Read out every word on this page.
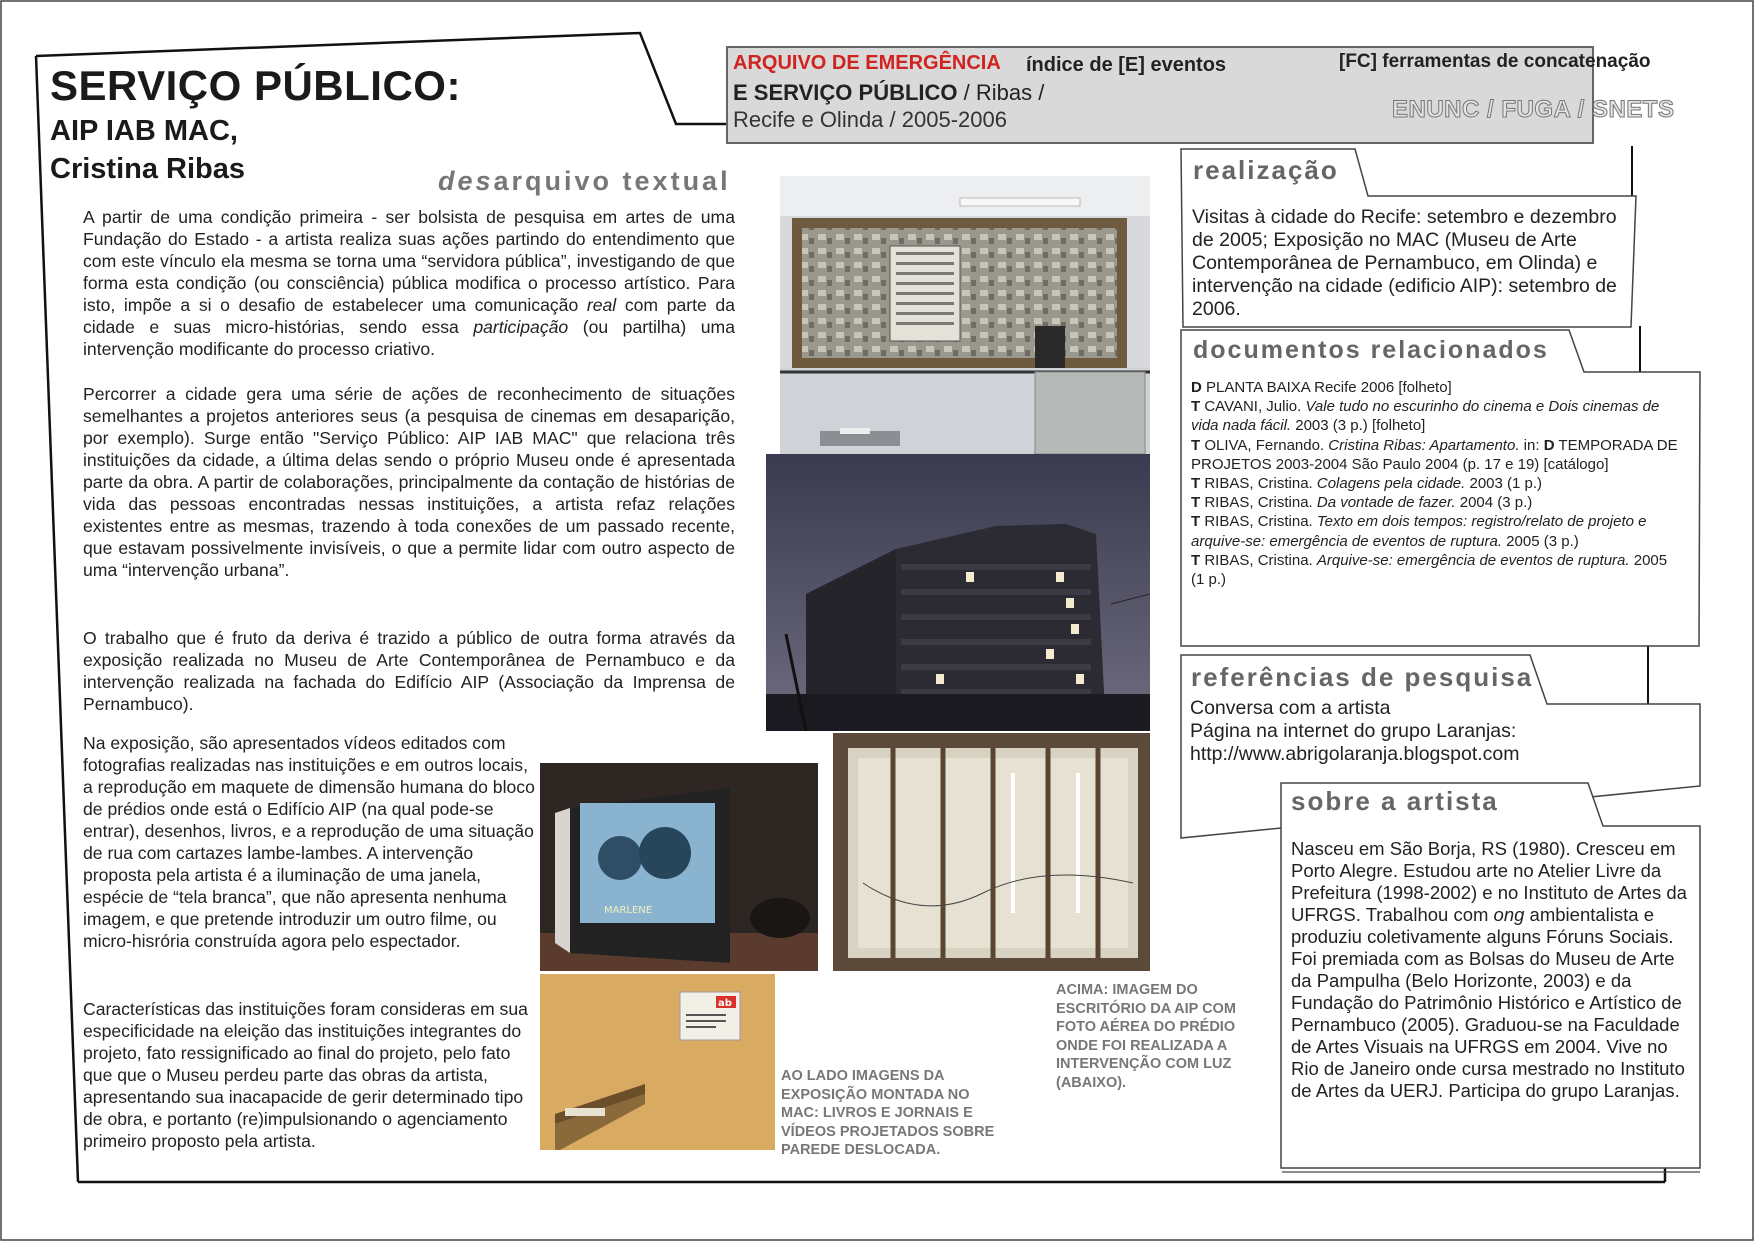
SERVIÇO PÚBLICO:
AIP IAB MAC,
Cristina Ribas
ARQUIVO DE EMERGÊNCIA índice de [E] eventos	[FC] ferramentas de concatenação
E SERVIÇO PÚBLICO / Ribas /
Recife e Olinda / 2005-2006	ENUNC / FUGA / SNETS
desarquivo textual
A partir de uma condição primeira - ser bolsista de pesquisa em artes de uma Fundação do Estado - a artista realiza suas ações partindo do entendimento que com este vínculo ela mesma se torna uma “servidora pública”, investigando de que forma esta condição (ou consciência) pública modifica o processo artístico. Para isto, impõe a si o desafio de estabelecer uma comunicação real com parte da cidade e suas micro-histórias, sendo essa participação (ou partilha) uma intervenção modificante do processo criativo.
Percorrer a cidade gera uma série de ações de reconhecimento de situações semelhantes a projetos anteriores seus (a pesquisa de cinemas em desaparição, por exemplo). Surge então "Serviço Público: AIP IAB MAC" que relaciona três instituições da cidade, a última delas sendo o próprio Museu onde é apresentada parte da obra. A partir de colaborações, principalmente da contação de histórias de vida das pessoas encontradas nessas instituições, a artista refaz relações existentes entre as mesmas, trazendo à toda conexões de um passado recente, que estavam possivelmente invisíveis, o que a permite lidar com outro aspecto de uma “intervenção urbana”.
O trabalho que é fruto da deriva é trazido a público de outra forma através da exposição realizada no Museu de Arte Contemporânea de Pernambuco e da intervenção realizada na fachada do Edifício AIP (Associação da Imprensa de Pernambuco).
Na exposição, são apresentados vídeos editados com fotografias realizadas nas instituições e em outros locais, a reprodução em maquete de dimensão humana do bloco de prédios onde está o Edifício AIP (na qual pode-se entrar), desenhos, livros, e a reprodução de uma situação de rua com cartazes lambe-lambes. A intervenção proposta pela artista é a iluminação de uma janela, espécie de “tela branca”, que não apresenta nenhuma imagem, e que pretende introduzir um outro filme, ou micro-hisrória construída agora pelo espectador.
Características das instituições foram consideras em sua especificidade na eleição das instituições integrantes do projeto, fato ressignificado ao final do projeto, pelo fato que que o Museu perdeu parte das obras da artista, apresentando sua inacapacide de gerir determinado tipo de obra, e portanto (re)impulsionando o agenciamento primeiro proposto pela artista.
MARLENE
ab
AO LADO IMAGENS DA EXPOSIÇÃO MONTADA NO MAC: LIVROS E JORNAIS E VÍDEOS PROJETADOS SOBRE PAREDE DESLOCADA.
ACIMA: IMAGEM DO ESCRITÓRIO DA AIP COM FOTO AÉREA DO PRÉDIO ONDE FOI REALIZADA A INTERVENÇÃO COM LUZ (ABAIXO).
realização
Visitas à cidade do Recife: setembro e dezembro de 2005; Exposição no MAC (Museu de Arte Contemporânea de Pernambuco, em Olinda) e intervenção na cidade (edificio AIP): setembro de 2006.
documentos relacionados
D PLANTA BAIXA Recife 2006 [folheto]
T CAVANI, Julio. Vale tudo no escurinho do cinema e Dois cinemas de vida nada fácil. 2003 (3 p.) [folheto]
T OLIVA, Fernando. Cristina Ribas: Apartamento. in: D TEMPORADA DE PROJETOS 2003-2004 São Paulo 2004 (p. 17 e 19) [catálogo]
T RIBAS, Cristina. Colagens pela cidade. 2003 (1 p.)
T RIBAS, Cristina. Da vontade de fazer. 2004 (3 p.)
T RIBAS, Cristina. Texto em dois tempos: registro/relato de projeto e arquive-se: emergência de eventos de ruptura. 2005 (3 p.)
T RIBAS, Cristina. Arquive-se: emergência de eventos de ruptura. 2005 (1 p.)
referências de pesquisa
Conversa com a artista
Página na internet do grupo Laranjas:
http://www.abrigolaranja.blogspot.com
sobre a artista
Nasceu em São Borja, RS (1980). Cresceu em Porto Alegre. Estudou arte no Atelier Livre da Prefeitura (1998-2002) e no Instituto de Artes da UFRGS. Trabalhou com ong ambientalista e produziu coletivamente alguns Fóruns Sociais. Foi premiada com as Bolsas do Museu de Arte da Pampulha (Belo Horizonte, 2003) e da Fundação do Patrimônio Histórico e Artístico de Pernambuco (2005). Graduou-se na Faculdade de Artes Visuais na UFRGS em 2004. Vive no Rio de Janeiro onde cursa mestrado no Instituto de Artes da UERJ. Participa do grupo Laranjas.
